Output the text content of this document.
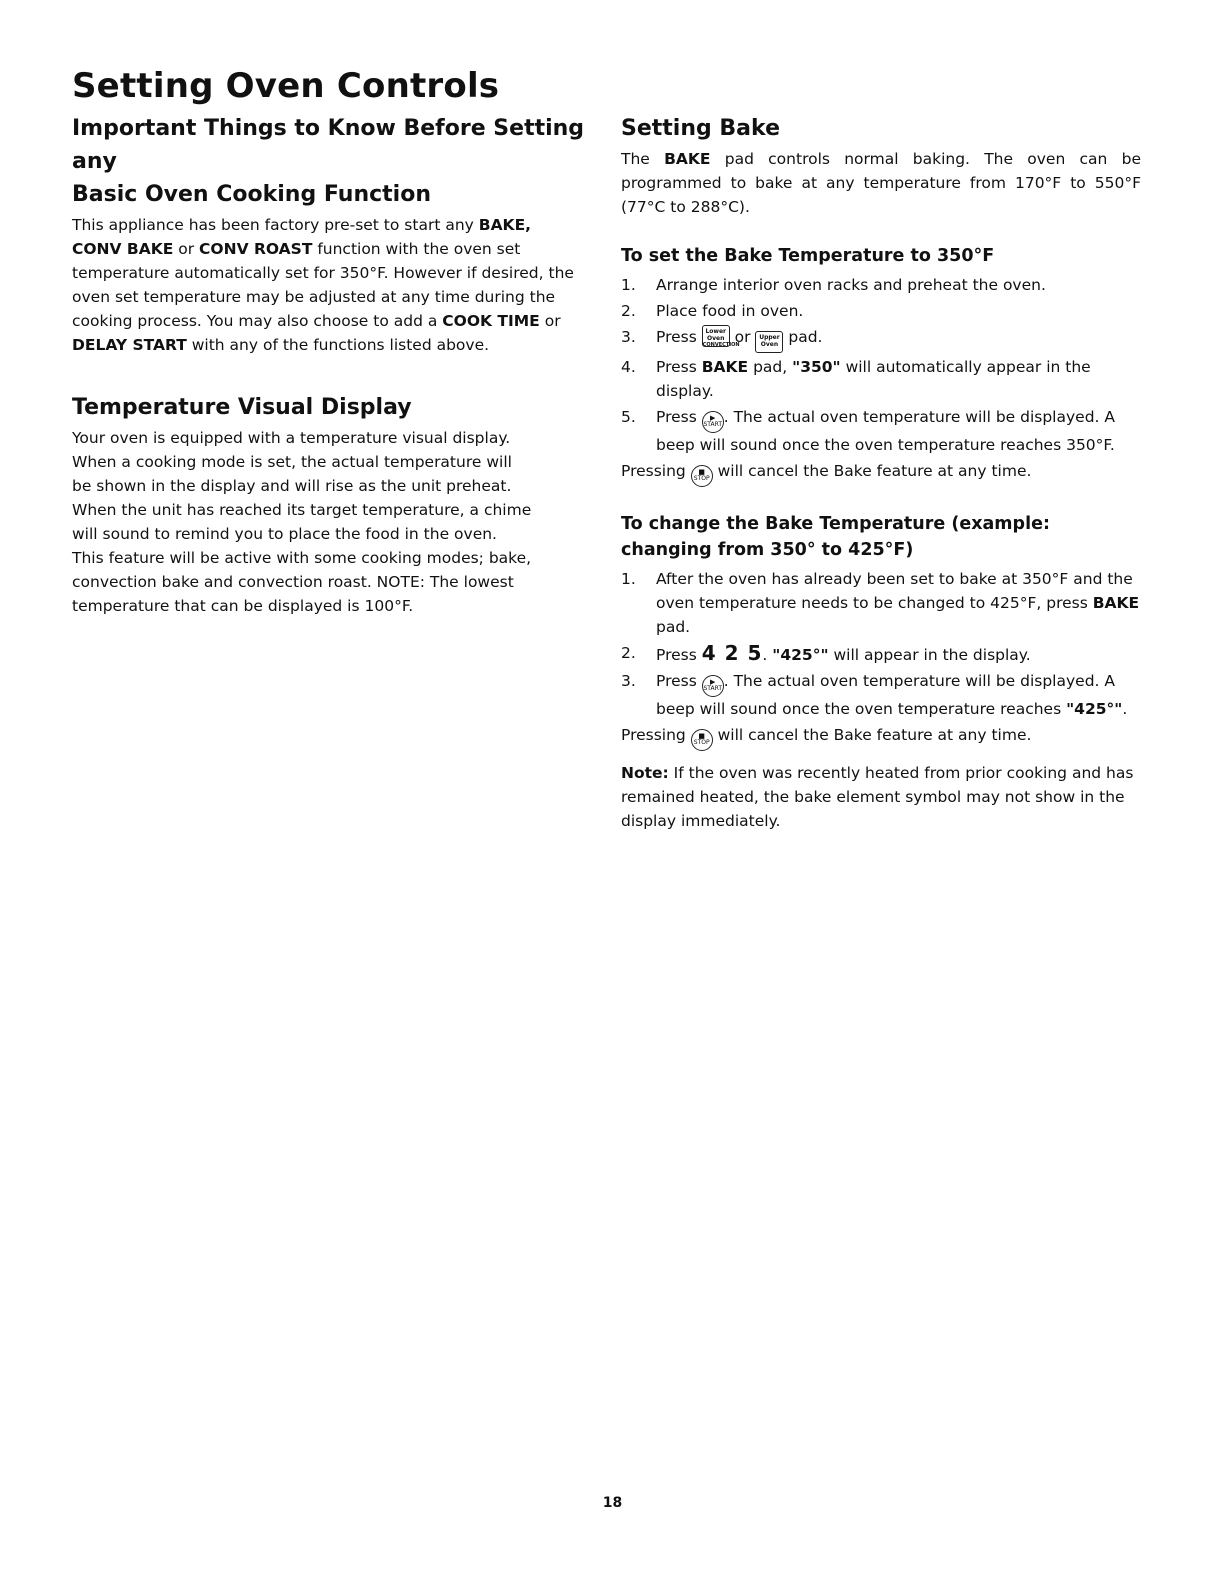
Setting Oven Controls
Important Things to Know Before Setting any
Basic Oven Cooking Function

This appliance has been factory pre-set to start any BAKE,
CONV BAKE or CONV ROAST function with the oven set temperature automatically set for 350°F. However if desired, the oven set temperature may be adjusted at any time during the cooking process. You may also choose to add a COOK TIME or DELAY START with any of the functions listed above.

Temperature Visual Display

Your oven is equipped with a temperature visual display.
When a cooking mode is set, the actual temperature will
be shown in the display and will rise as the unit preheat.
When the unit has reached its target temperature, a chime
will sound to remind you to place the food in the oven.
This feature will be active with some cooking modes; bake,
convection bake and convection roast. NOTE: The lowest
temperature that can be displayed is 100°F.

Setting Bake

The BAKE pad controls normal baking. The oven can be programmed to bake at any temperature from 170°F to 550°F (77°C to 288°C).

To set the Bake Temperature to 350°F
1.	Arrange interior oven racks and preheat the oven.
2.	Place food in oven.
3.	Press Lower
Oven
CONVECTION
or Upper
Oven pad.
4.	Press BAKE pad, "350" will automatically appear in the display.
5.	Press	▶
START . The actual oven temperature will be displayed. A beep will sound once the oven temperature reaches 350°F.

Pressing	■
STOP will cancel the Bake feature at any time.

To change the Bake Temperature (example: changing from 350° to 425°F)
1.	After the oven has already been set to bake at 350°F and the oven temperature needs to be changed to 425°F, press BAKE pad.
2.	Press 4 2 5. "425°" will appear in the display.
3.	Press	▶
START . The actual oven temperature will be displayed. A beep will sound once the oven temperature reaches "425°".

Pressing	■
STOP will cancel the Bake feature at any time.

Note: If the oven was recently heated from prior cooking and has remained heated, the bake element symbol may not show in the display immediately.

18
